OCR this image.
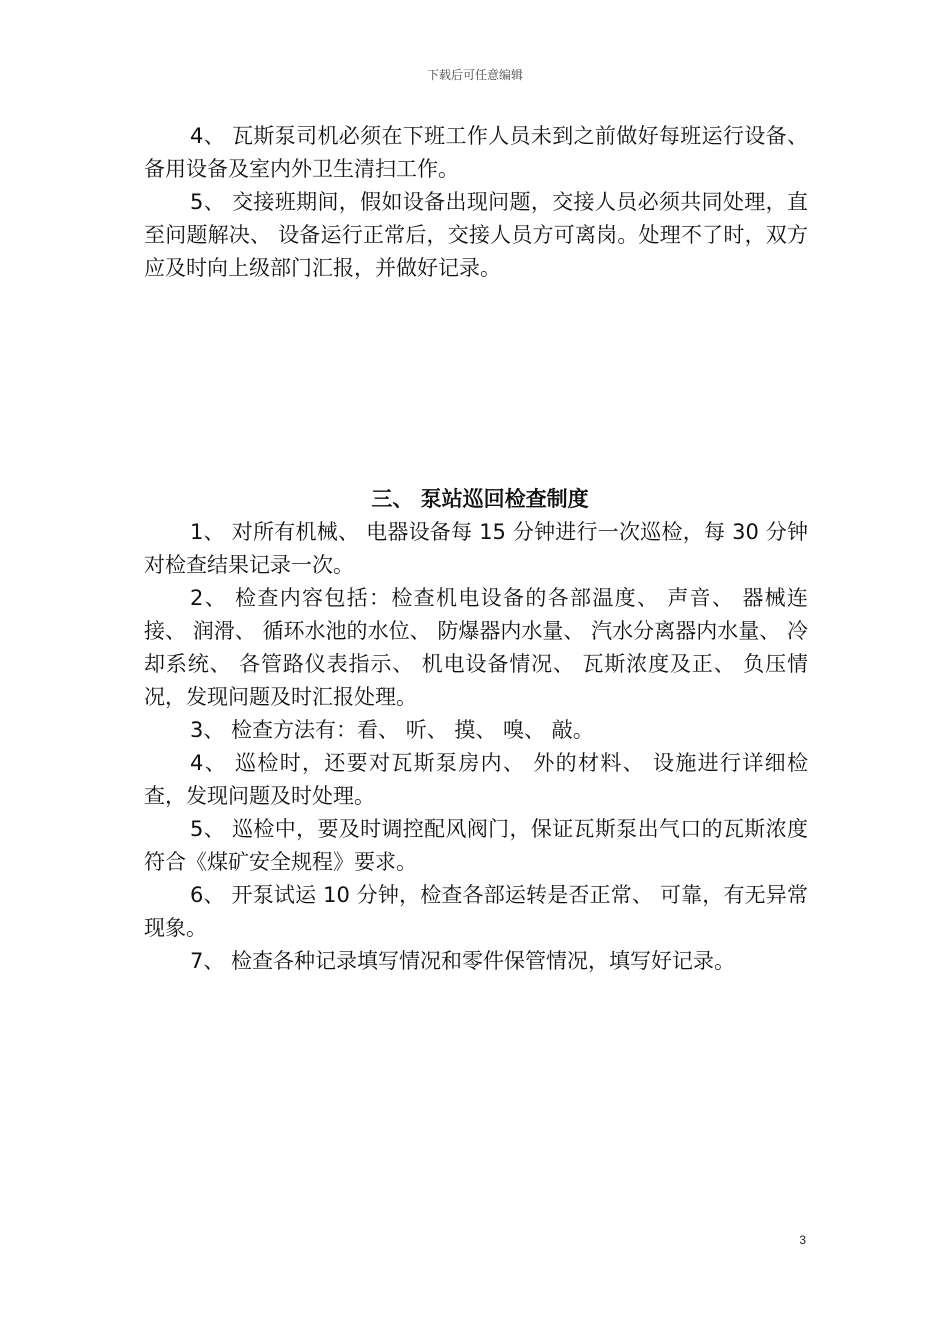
下载后可任意编辑

4、 瓦斯泵司机必须在下班工作人员未到之前做好每班运行设备、 备用设备及室内外卫生清扫工作。

5、 交接班期间，假如设备出现问题，交接人员必须共同处理，直至问题解决、 设备运行正常后，交接人员方可离岗。处理不了时，双方应及时向上级部门汇报，并做好记录。

三、 泵站巡回检查制度

1、 对所有机械、 电器设备每 15 分钟进行一次巡检，每 30 分钟对检查结果记录一次。

2、 检查内容包括：检查机电设备的各部温度、 声音、 器械连接、 润滑、 循环水池的水位、 防爆器内水量、 汽水分离器内水量、 冷却系统、 各管路仪表指示、 机电设备情况、 瓦斯浓度及正、 负压情况，发现问题及时汇报处理。

3、 检查方法有：看、 听、 摸、 嗅、 敲。

4、 巡检时，还要对瓦斯泵房内、 外的材料、 设施进行详细检查，发现问题及时处理。

5、 巡检中，要及时调控配风阀门，保证瓦斯泵出气口的瓦斯浓度符合《煤矿安全规程》要求。

6、 开泵试运 10 分钟，检查各部运转是否正常、 可靠，有无异常现象。

7、 检查各种记录填写情况和零件保管情况，填写好记录。

3
